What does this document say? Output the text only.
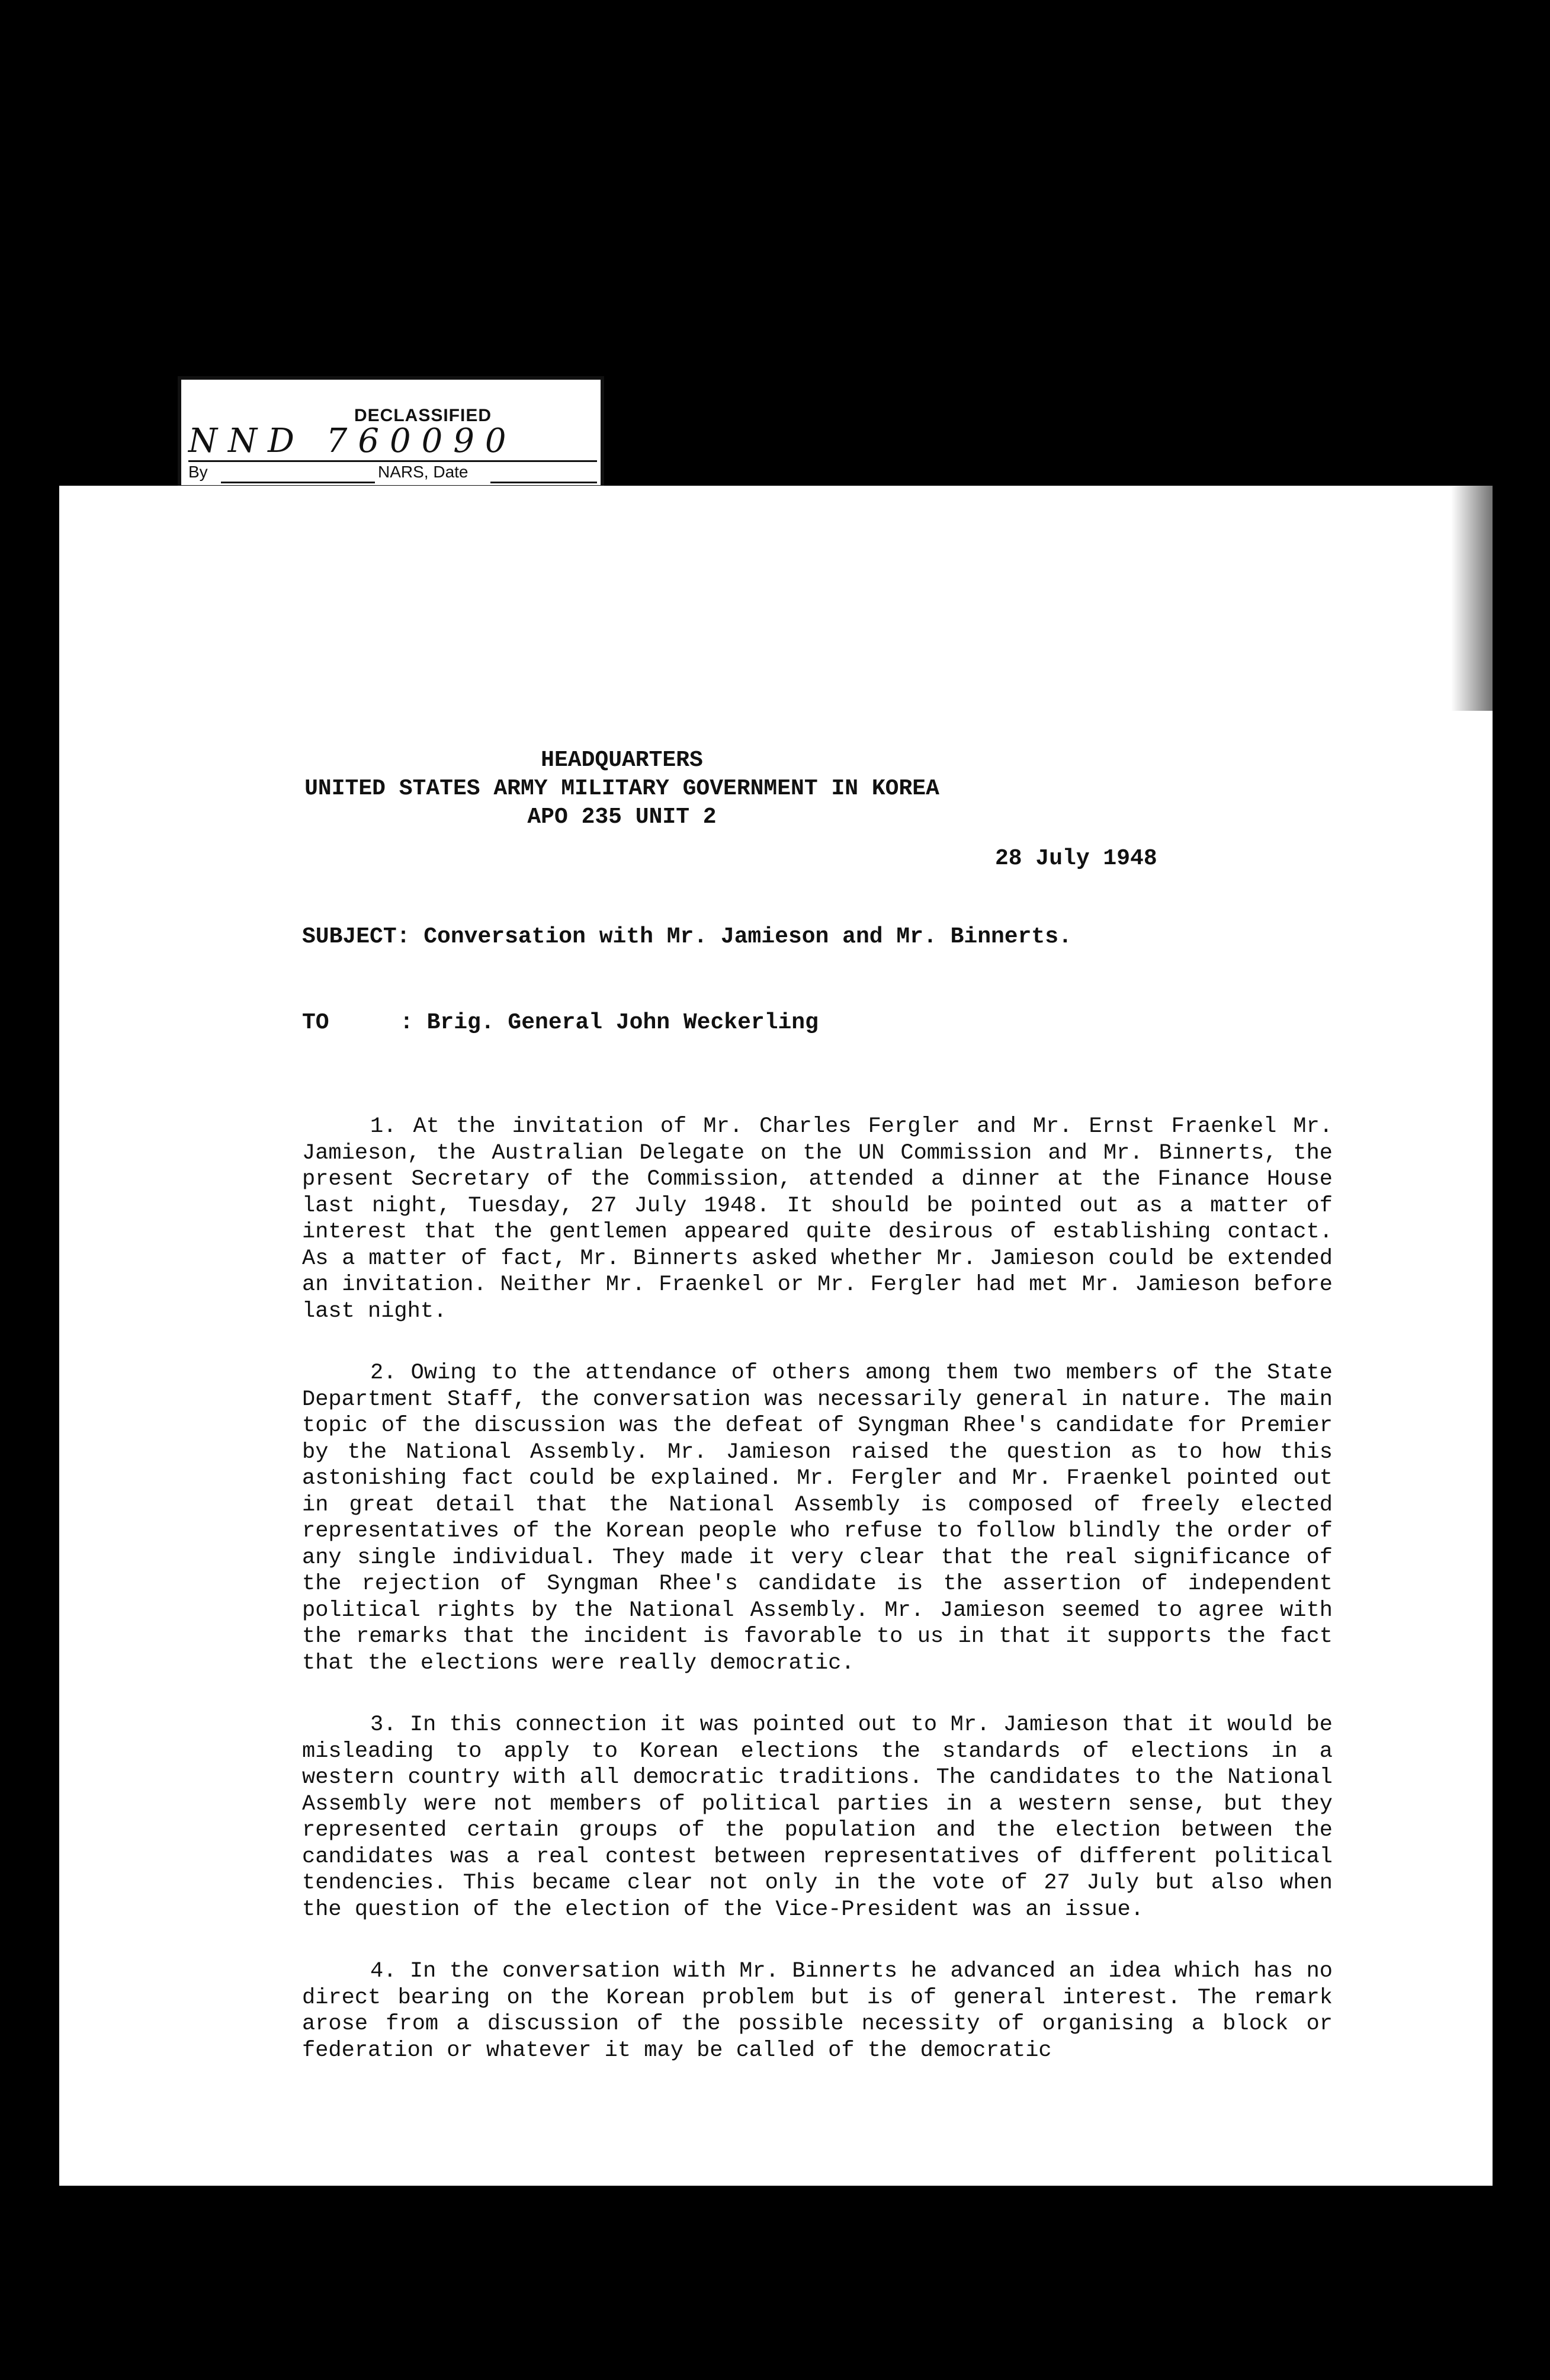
DECLASSIFIED
NND 760090
By	NARS, Date
HEADQUARTERS
UNITED STATES ARMY MILITARY GOVERNMENT IN KOREA
APO 235 UNIT 2
28 July 1948
SUBJECT: Conversation with Mr. Jamieson and Mr. Binnerts.
TO	: Brig. General John Weckerling

1. At the invitation of Mr. Charles Fergler and Mr. Ernst Fraenkel Mr. Jamieson, the Australian Delegate on the UN Commission and Mr. Binnerts, the present Secretary of the Commission, attended a dinner at the Finance House last night, Tuesday, 27 July 1948. It should be pointed out as a matter of interest that the gentlemen appeared quite desirous of establishing contact. As a matter of fact, Mr. Binnerts asked whether Mr. Jamieson could be extended an invitation. Neither Mr. Fraenkel or Mr. Fergler had met Mr. Jamieson before last night.

2. Owing to the attendance of others among them two members of the State Department Staff, the conversation was necessarily general in nature. The main topic of the discussion was the defeat of Syngman Rhee's candidate for Premier by the National Assembly. Mr. Jamieson raised the question as to how this astonishing fact could be explained. Mr. Fergler and Mr. Fraenkel pointed out in great detail that the National Assembly is composed of freely elected representatives of the Korean people who refuse to follow blindly the order of any single individual. They made it very clear that the real significance of the rejection of Syngman Rhee's candidate is the assertion of independent political rights by the National Assembly. Mr. Jamieson seemed to agree with the remarks that the incident is favorable to us in that it supports the fact that the elections were really democratic.

3. In this connection it was pointed out to Mr. Jamieson that it would be misleading to apply to Korean elections the standards of elections in a western country with all democratic traditions. The candidates to the National Assembly were not members of political parties in a western sense, but they represented certain groups of the population and the election between the candidates was a real contest between representatives of different political tendencies. This became clear not only in the vote of 27 July but also when the question of the election of the Vice-President was an issue.

4. In the conversation with Mr. Binnerts he advanced an idea which has no direct bearing on the Korean problem but is of general interest. The remark arose from a discussion of the possible necessity of organising a block or federation or whatever it may be called of the democratic
